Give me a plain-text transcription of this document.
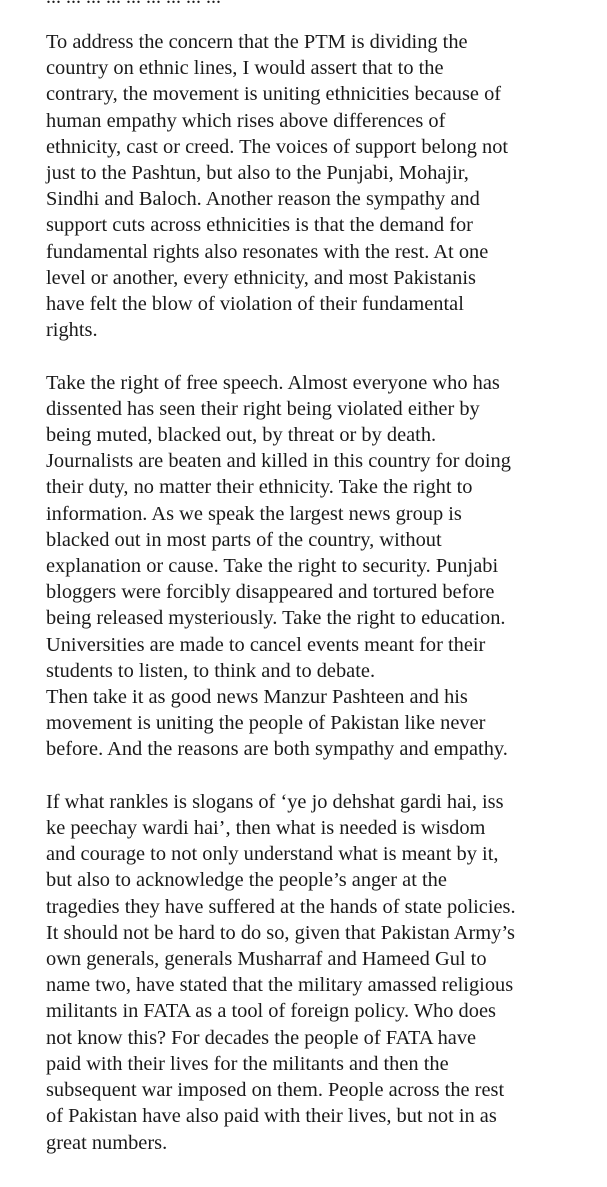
To address the concern that the PTM is dividing the
country on ethnic lines, I would assert that to the
contrary, the movement is uniting ethnicities because of
human empathy which rises above differences of
ethnicity, cast or creed. The voices of support belong not
just to the Pashtun, but also to the Punjabi, Mohajir,
Sindhi and Baloch. Another reason the sympathy and
support cuts across ethnicities is that the demand for
fundamental rights also resonates with the rest. At one
level or another, every ethnicity, and most Pakistanis
have felt the blow of violation of their fundamental
rights.

Take the right of free speech. Almost everyone who has
dissented has seen their right being violated either by
being muted, blacked out, by threat or by death.
Journalists are beaten and killed in this country for doing
their duty, no matter their ethnicity. Take the right to
information. As we speak the largest news group is
blacked out in most parts of the country, without
explanation or cause. Take the right to security. Punjabi
bloggers were forcibly disappeared and tortured before
being released mysteriously. Take the right to education.
Universities are made to cancel events meant for their
students to listen, to think and to debate.
Then take it as good news Manzur Pashteen and his
movement is uniting the people of Pakistan like never
before. And the reasons are both sympathy and empathy.

If what rankles is slogans of ‘ye jo dehshat gardi hai, iss
ke peechay wardi hai’, then what is needed is wisdom
and courage to not only understand what is meant by it,
but also to acknowledge the people’s anger at the
tragedies they have suffered at the hands of state policies.
It should not be hard to do so, given that Pakistan Army’s
own generals, generals Musharraf and Hameed Gul to
name two, have stated that the military amassed religious
militants in FATA as a tool of foreign policy. Who does
not know this? For decades the people of FATA have
paid with their lives for the militants and then the
subsequent war imposed on them. People across the rest
of Pakistan have also paid with their lives, but not in as
great numbers.
